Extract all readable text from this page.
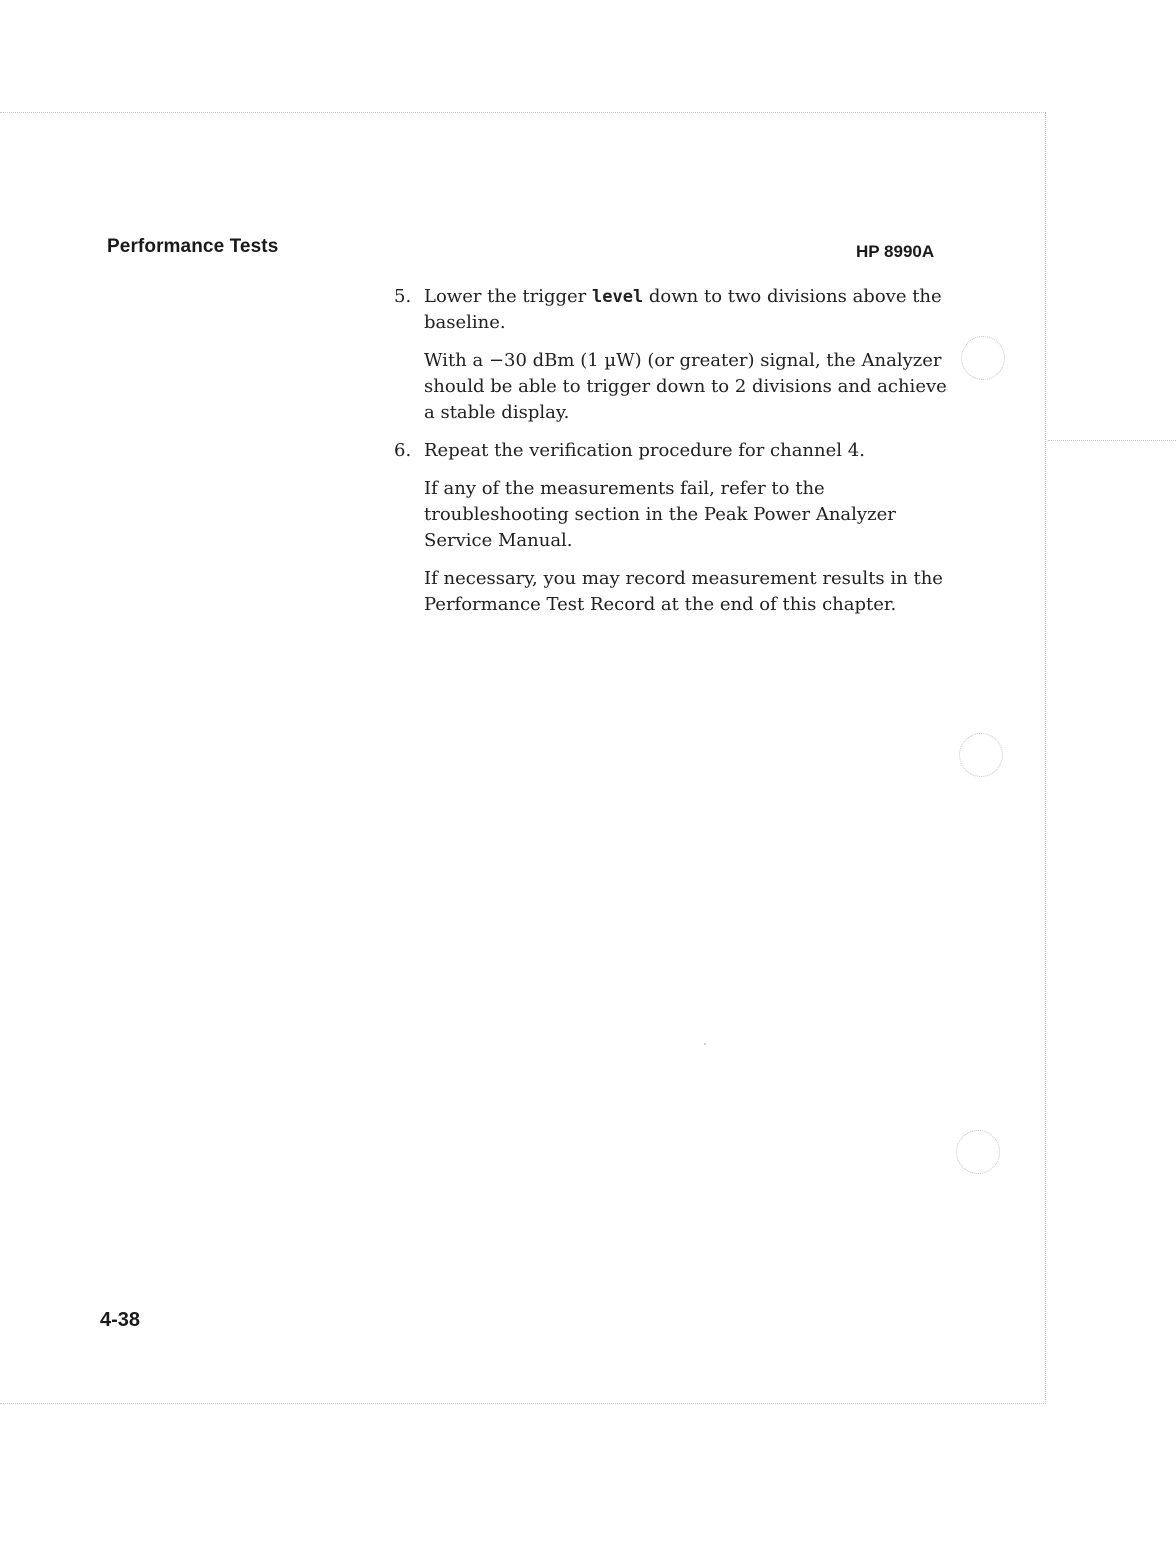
Performance Tests	HP 8990A
5. Lower the trigger level down to two divisions above the baseline.

With a −30 dBm (1 µW) (or greater) signal, the Analyzer should be able to trigger down to 2 divisions and achieve a stable display.

6. Repeat the verification procedure for channel 4.

If any of the measurements fail, refer to the troubleshooting section in the Peak Power Analyzer Service Manual.

If necessary, you may record measurement results in the Performance Test Record at the end of this chapter.

4-38
